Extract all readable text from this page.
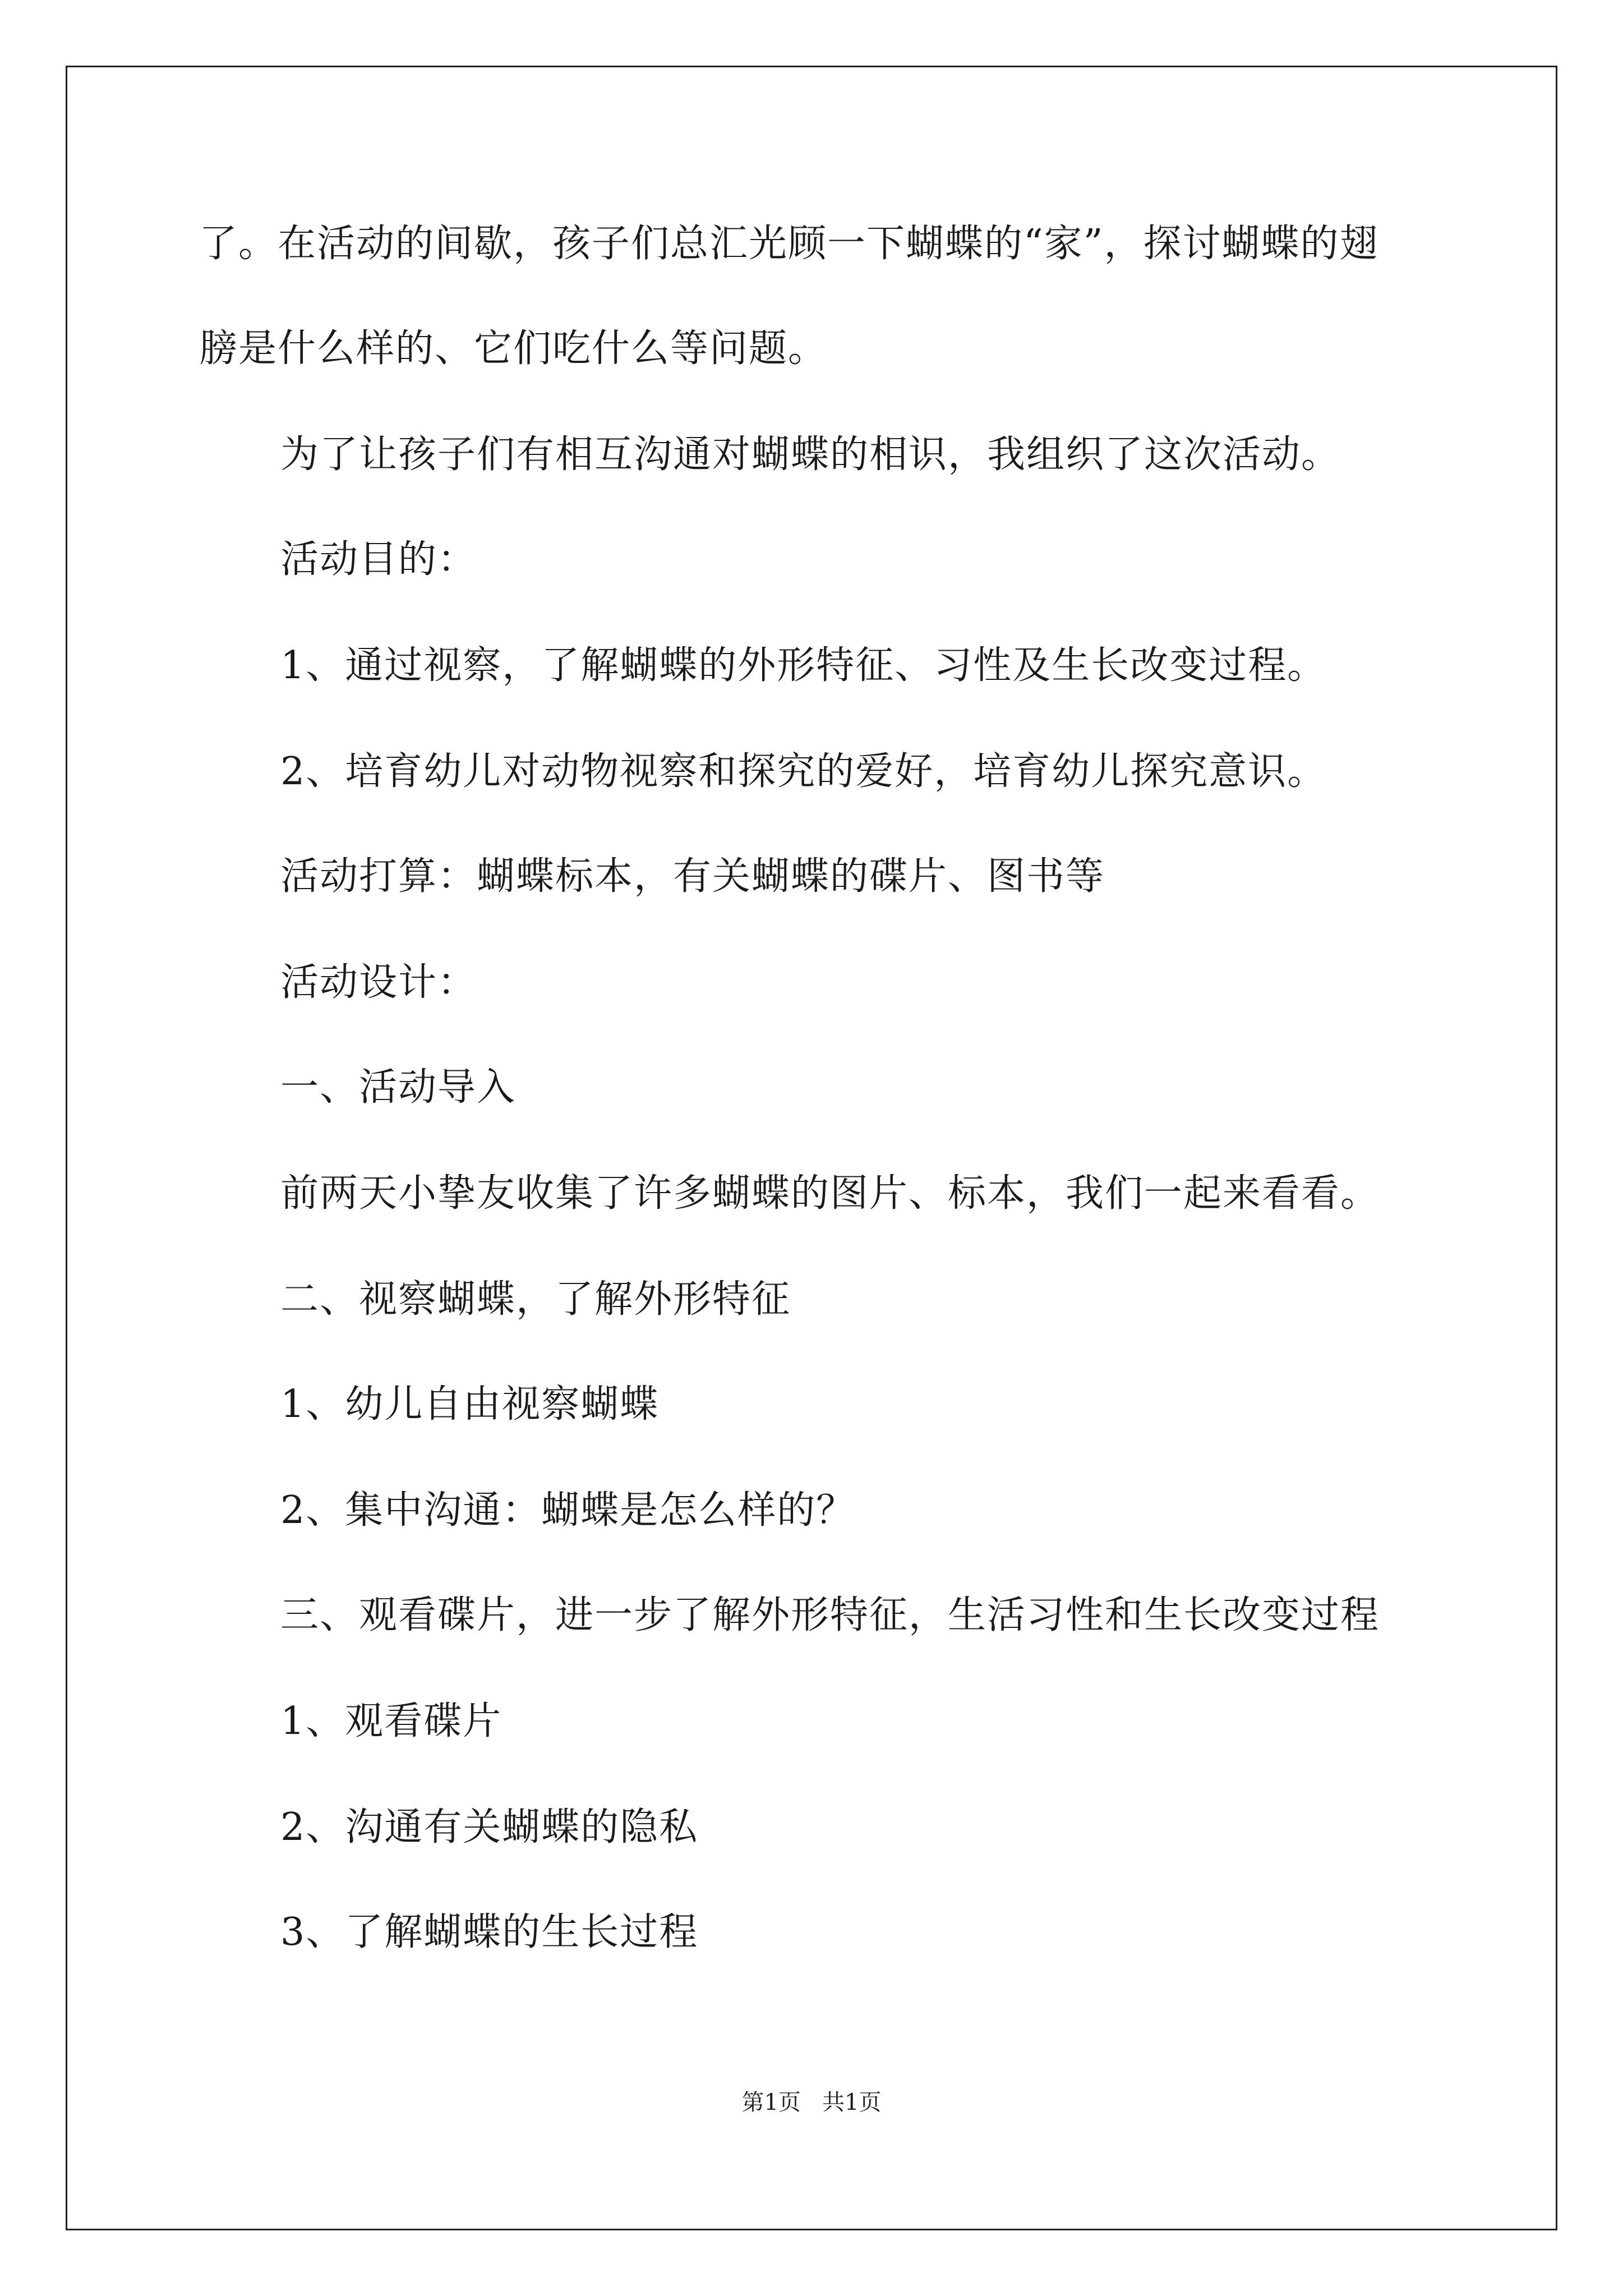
了。在活动的间歇，孩子们总汇光顾一下蝴蝶的“家”，探讨蝴蝶的翅
膀是什么样的、它们吃什么等问题。
为了让孩子们有相互沟通对蝴蝶的相识，我组织了这次活动。
活动目的：
1、通过视察，了解蝴蝶的外形特征、习性及生长改变过程。
2、培育幼儿对动物视察和探究的爱好，培育幼儿探究意识。
活动打算：蝴蝶标本，有关蝴蝶的碟片、图书等
活动设计：
一、活动导入
前两天小挚友收集了许多蝴蝶的图片、标本，我们一起来看看。
二、视察蝴蝶，了解外形特征
1、幼儿自由视察蝴蝶
2、集中沟通：蝴蝶是怎么样的？
三、观看碟片，进一步了解外形特征，生活习性和生长改变过程
1、观看碟片
2、沟通有关蝴蝶的隐私
3、了解蝴蝶的生长过程
第1页   共1页
